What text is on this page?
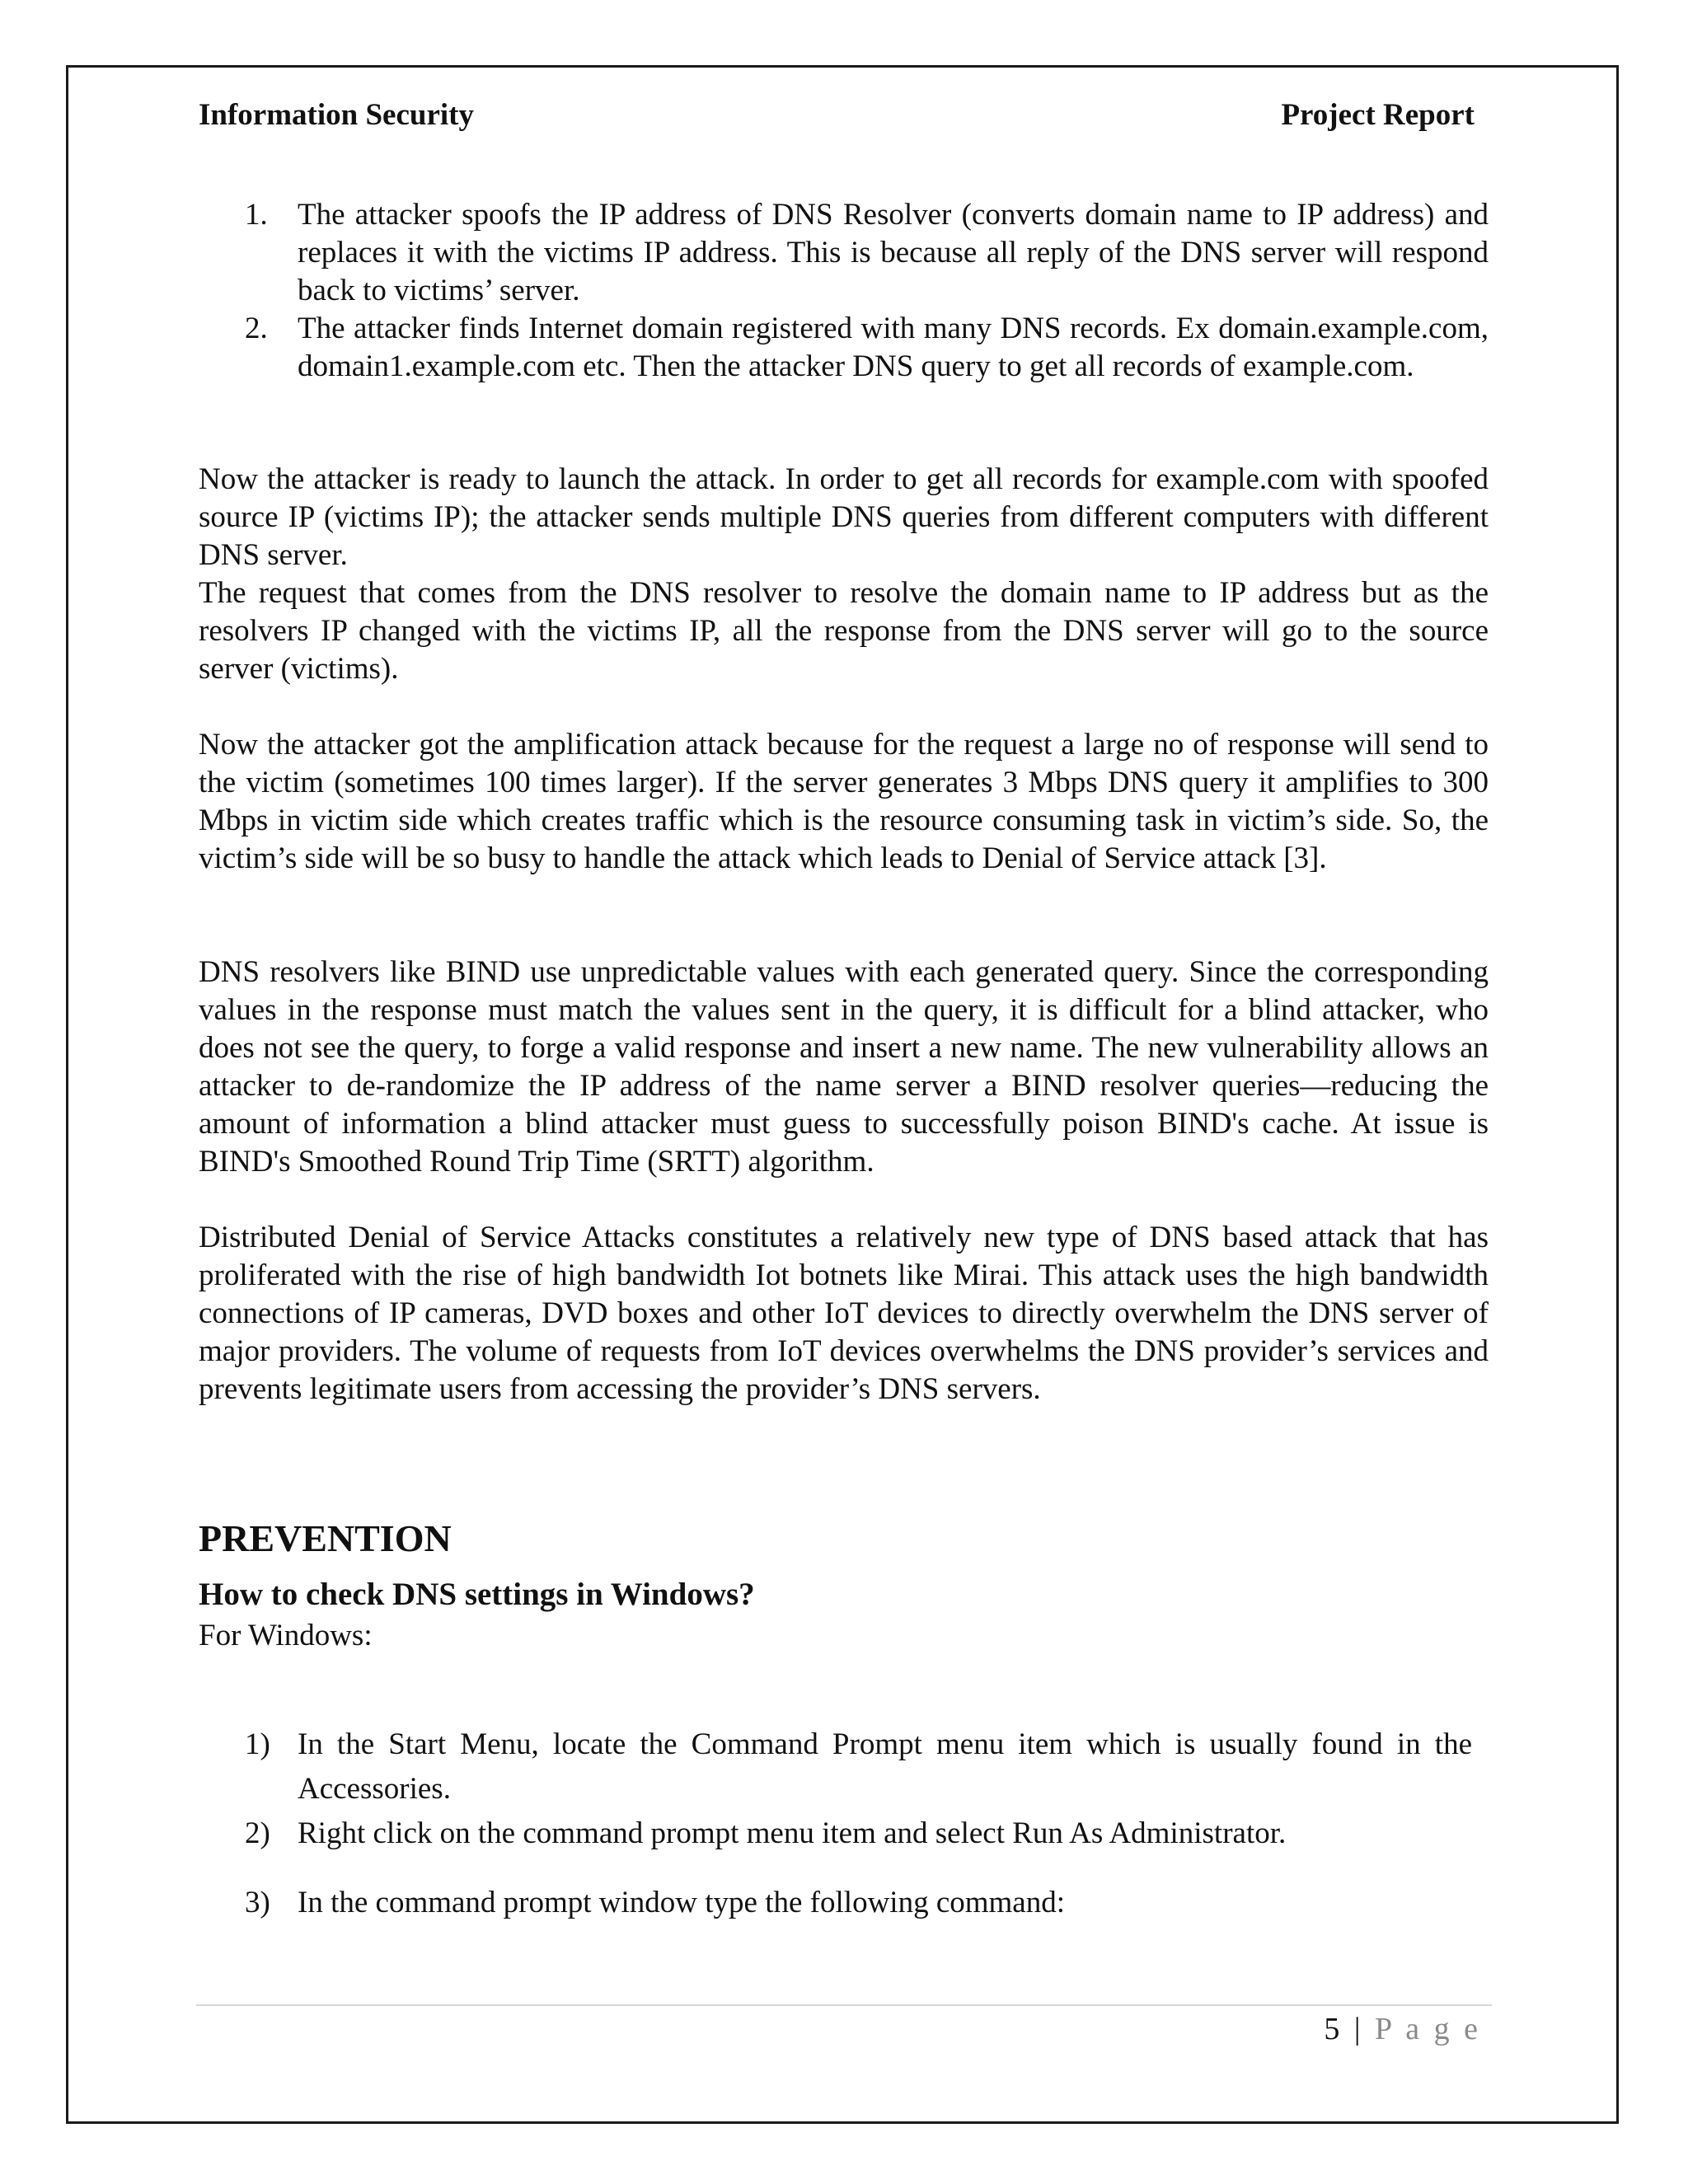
Information Security	Project Report
1. The attacker spoofs the IP address of DNS Resolver (converts domain name to IP address) and replaces it with the victims IP address. This is because all reply of the DNS server will respond back to victims’ server.
2. The attacker finds Internet domain registered with many DNS records. Ex domain.example.com, domain1.example.com etc. Then the attacker DNS query to get all records of example.com.
Now the attacker is ready to launch the attack. In order to get all records for example.com with spoofed source IP (victims IP); the attacker sends multiple DNS queries from different computers with different DNS server.
The request that comes from the DNS resolver to resolve the domain name to IP address but as the resolvers IP changed with the victims IP, all the response from the DNS server will go to the source server (victims).
Now the attacker got the amplification attack because for the request a large no of response will send to the victim (sometimes 100 times larger). If the server generates 3 Mbps DNS query it amplifies to 300 Mbps in victim side which creates traffic which is the resource consuming task in victim’s side. So, the victim’s side will be so busy to handle the attack which leads to Denial of Service attack [3].
DNS resolvers like BIND use unpredictable values with each generated query. Since the corresponding values in the response must match the values sent in the query, it is difficult for a blind attacker, who does not see the query, to forge a valid response and insert a new name. The new vulnerability allows an attacker to de-randomize the IP address of the name server a BIND resolver queries—reducing the amount of information a blind attacker must guess to successfully poison BIND's cache. At issue is BIND's Smoothed Round Trip Time (SRTT) algorithm.
Distributed Denial of Service Attacks constitutes a relatively new type of DNS based attack that has proliferated with the rise of high bandwidth Iot botnets like Mirai. This attack uses the high bandwidth connections of IP cameras, DVD boxes and other IoT devices to directly overwhelm the DNS server of major providers. The volume of requests from IoT devices overwhelms the DNS provider’s services and prevents legitimate users from accessing the provider’s DNS servers.
PREVENTION
How to check DNS settings in Windows?
For Windows:
1) In the Start Menu, locate the Command Prompt menu item which is usually found in the Accessories.
2) Right click on the command prompt menu item and select Run As Administrator.
3) In the command prompt window type the following command:
5 | P a g e
